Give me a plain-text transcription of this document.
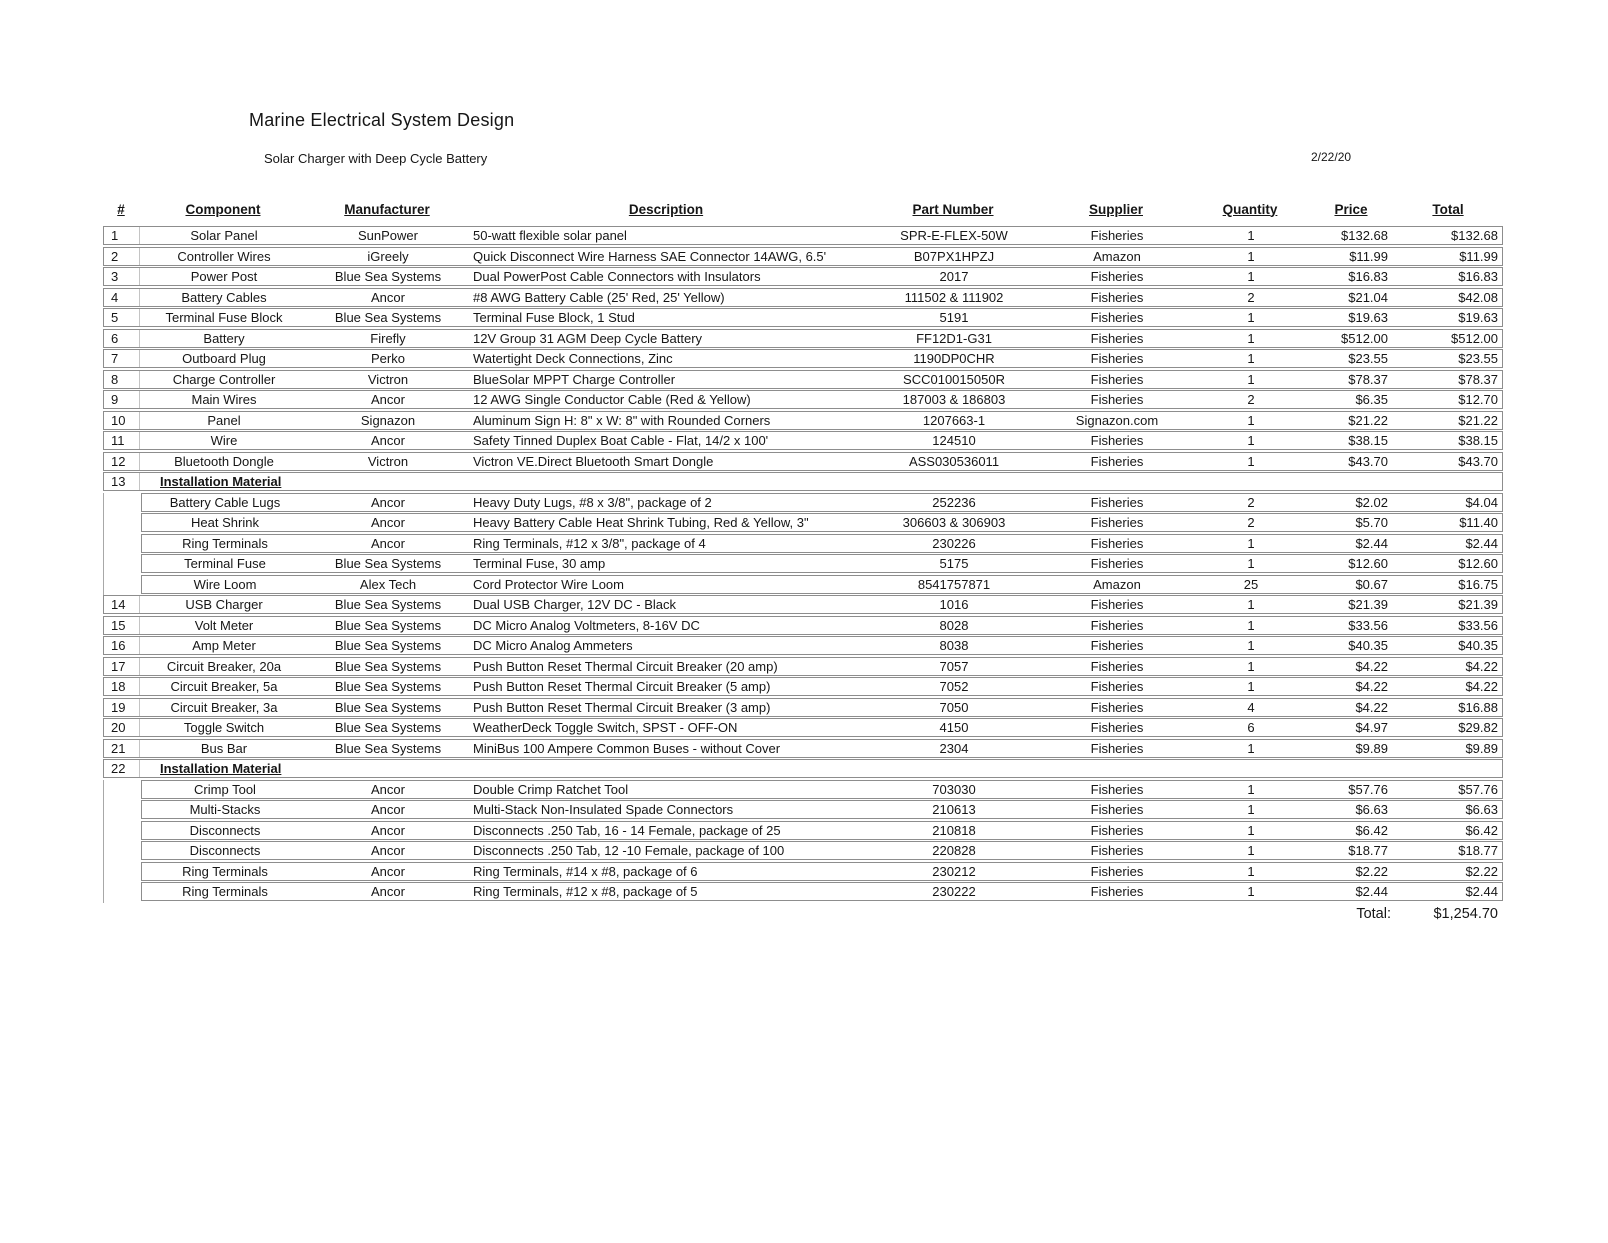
Marine Electrical System Design
Solar Charger with Deep Cycle Battery	2/22/20
#	Component	Manufacturer	Description	Part Number	Supplier	Quantity	Price	Total
1	Solar Panel	SunPower	50-watt flexible solar panel	SPR-E-FLEX-50W	Fisheries	1	$132.68	$132.68
2	Controller Wires	iGreely	Quick Disconnect Wire Harness SAE Connector 14AWG, 6.5'	B07PX1HPZJ	Amazon	1	$11.99	$11.99
3	Power Post	Blue Sea Systems	Dual PowerPost Cable Connectors with Insulators	2017	Fisheries	1	$16.83	$16.83
4	Battery Cables	Ancor	#8 AWG Battery Cable (25' Red, 25' Yellow)	111502 & 111902	Fisheries	2	$21.04	$42.08
5	Terminal Fuse Block	Blue Sea Systems	Terminal Fuse Block, 1 Stud	5191	Fisheries	1	$19.63	$19.63
6	Battery	Firefly	12V Group 31 AGM Deep Cycle Battery	FF12D1-G31	Fisheries	1	$512.00	$512.00
7	Outboard Plug	Perko	Watertight Deck Connections, Zinc	1190DP0CHR	Fisheries	1	$23.55	$23.55
8	Charge Controller	Victron	BlueSolar MPPT Charge Controller	SCC010015050R	Fisheries	1	$78.37	$78.37
9	Main Wires	Ancor	12 AWG Single Conductor Cable (Red & Yellow)	187003 & 186803	Fisheries	2	$6.35	$12.70
10	Panel	Signazon	Aluminum Sign H: 8" x W: 8" with Rounded Corners	1207663-1	Signazon.com	1	$21.22	$21.22
11	Wire	Ancor	Safety Tinned Duplex Boat Cable - Flat, 14/2 x 100'	124510	Fisheries	1	$38.15	$38.15
12	Bluetooth Dongle	Victron	Victron VE.Direct Bluetooth Smart Dongle	ASS030536011	Fisheries	1	$43.70	$43.70
13	Installation Material
Battery Cable Lugs	Ancor	Heavy Duty Lugs, #8 x 3/8", package of 2	252236	Fisheries	2	$2.02	$4.04
Heat Shrink	Ancor	Heavy Battery Cable Heat Shrink Tubing, Red & Yellow, 3"	306603 & 306903	Fisheries	2	$5.70	$11.40
Ring Terminals	Ancor	Ring Terminals, #12 x 3/8", package of 4	230226	Fisheries	1	$2.44	$2.44
Terminal Fuse	Blue Sea Systems	Terminal Fuse, 30 amp	5175	Fisheries	1	$12.60	$12.60
Wire Loom	Alex Tech	Cord Protector Wire Loom	8541757871	Amazon	25	$0.67	$16.75
14	USB Charger	Blue Sea Systems	Dual USB Charger, 12V DC - Black	1016	Fisheries	1	$21.39	$21.39
15	Volt Meter	Blue Sea Systems	DC Micro Analog Voltmeters, 8-16V DC	8028	Fisheries	1	$33.56	$33.56
16	Amp Meter	Blue Sea Systems	DC Micro Analog Ammeters	8038	Fisheries	1	$40.35	$40.35
17	Circuit Breaker, 20a	Blue Sea Systems	Push Button Reset Thermal Circuit Breaker (20 amp)	7057	Fisheries	1	$4.22	$4.22
18	Circuit Breaker, 5a	Blue Sea Systems	Push Button Reset Thermal Circuit Breaker (5 amp)	7052	Fisheries	1	$4.22	$4.22
19	Circuit Breaker, 3a	Blue Sea Systems	Push Button Reset Thermal Circuit Breaker (3 amp)	7050	Fisheries	4	$4.22	$16.88
20	Toggle Switch	Blue Sea Systems	WeatherDeck Toggle Switch, SPST - OFF-ON	4150	Fisheries	6	$4.97	$29.82
21	Bus Bar	Blue Sea Systems	MiniBus 100 Ampere Common Buses - without Cover	2304	Fisheries	1	$9.89	$9.89
22	Installation Material
Crimp Tool	Ancor	Double Crimp Ratchet Tool	703030	Fisheries	1	$57.76	$57.76
Multi-Stacks	Ancor	Multi-Stack Non-Insulated Spade Connectors	210613	Fisheries	1	$6.63	$6.63
Disconnects	Ancor	Disconnects .250 Tab, 16 - 14 Female, package of 25	210818	Fisheries	1	$6.42	$6.42
Disconnects	Ancor	Disconnects .250 Tab, 12 -10 Female, package of 100	220828	Fisheries	1	$18.77	$18.77
Ring Terminals	Ancor	Ring Terminals, #14 x #8, package of 6	230212	Fisheries	1	$2.22	$2.22
Ring Terminals	Ancor	Ring Terminals, #12 x #8, package of 5	230222	Fisheries	1	$2.44	$2.44
Total:	$1,254.70
